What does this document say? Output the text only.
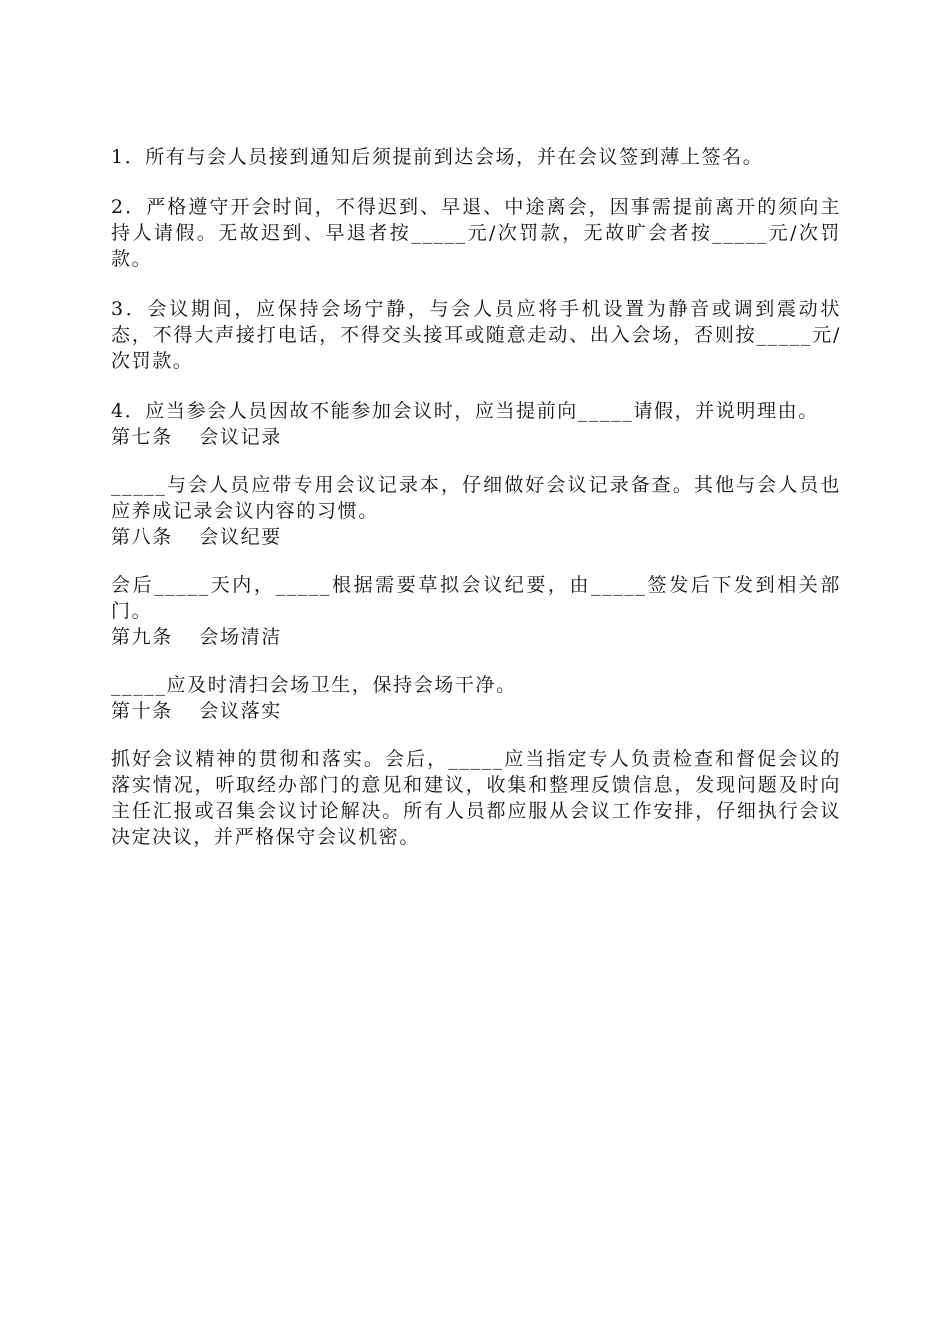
1．所有与会人员接到通知后须提前到达会场，并在会议签到薄上签名。

2．严格遵守开会时间，不得迟到、早退、中途离会，因事需提前离开的须向主持人请假。无故迟到、早退者按_____元/次罚款，无故旷会者按_____元/次罚款。

3．会议期间，应保持会场宁静，与会人员应将手机设置为静音或调到震动状态，不得大声接打电话，不得交头接耳或随意走动、出入会场，否则按_____元/次罚款。

4．应当参会人员因故不能参加会议时，应当提前向_____请假，并说明理由。

第七条 会议记录

_____与会人员应带专用会议记录本，仔细做好会议记录备查。其他与会人员也应养成记录会议内容的习惯。

第八条 会议纪要

会后_____天内，_____根据需要草拟会议纪要，由_____签发后下发到相关部门。

第九条 会场清洁

_____应及时清扫会场卫生，保持会场干净。

第十条 会议落实

抓好会议精神的贯彻和落实。会后，_____应当指定专人负责检查和督促会议的落实情况，听取经办部门的意见和建议，收集和整理反馈信息，发现问题及时向主任汇报或召集会议讨论解决。所有人员都应服从会议工作安排，仔细执行会议决定决议，并严格保守会议机密。
